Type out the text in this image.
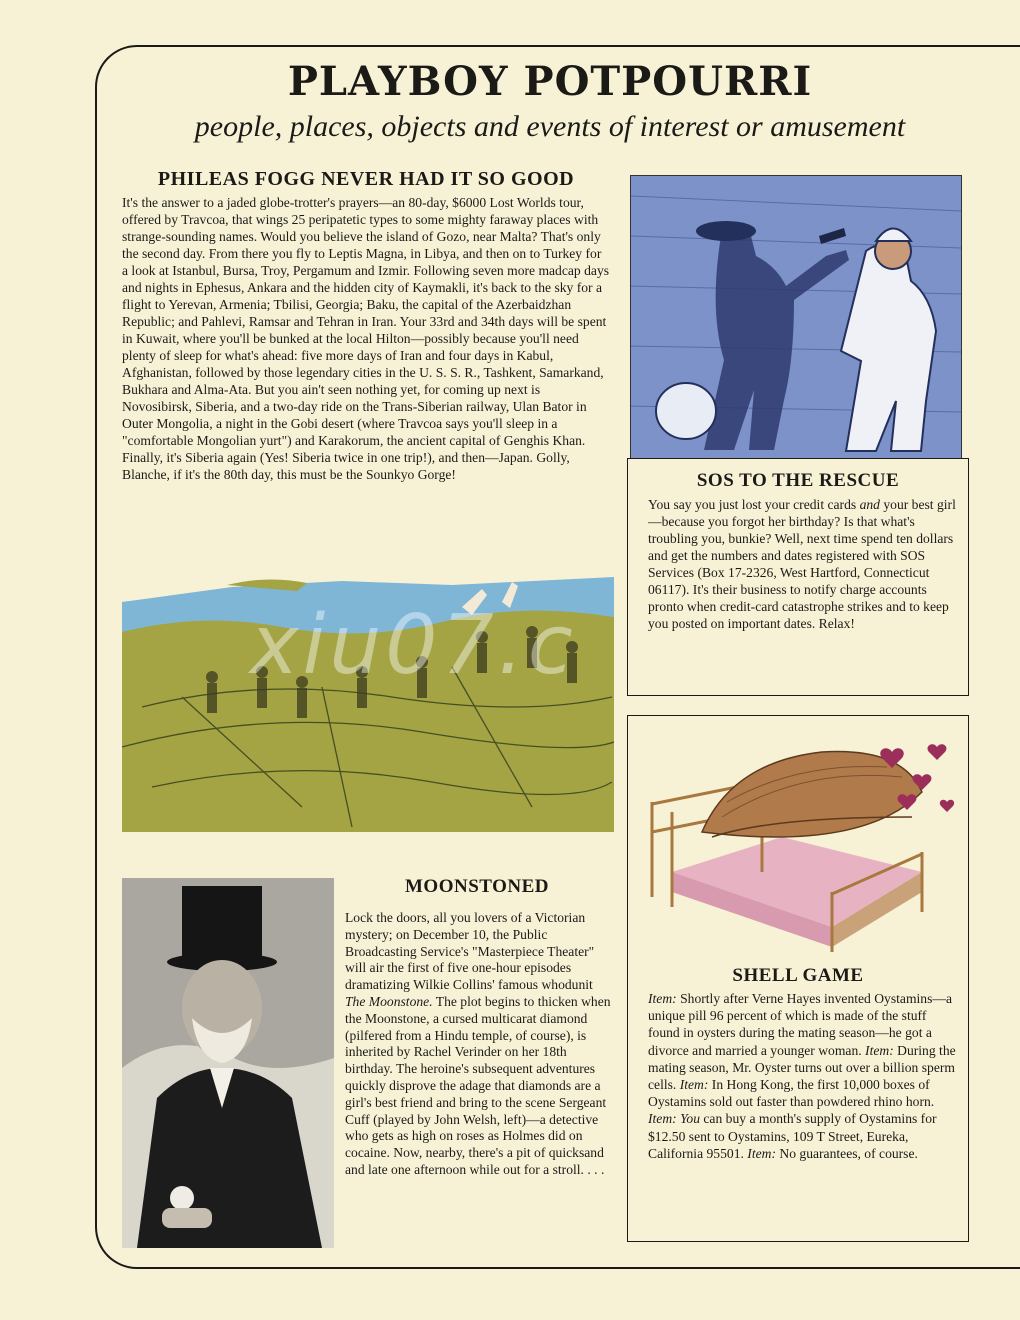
PLAYBOY POTPOURRI
people, places, objects and events of interest or amusement
PHILEAS FOGG NEVER HAD IT SO GOOD
It's the answer to a jaded globe-trotter's prayers—an 80-day, $6000 Lost Worlds tour, offered by Travcoa, that wings 25 peripatetic types to some mighty faraway places with strange-sounding names. Would you believe the island of Gozo, near Malta? That's only the second day. From there you fly to Leptis Magna, in Libya, and then on to Turkey for a look at Istanbul, Bursa, Troy, Pergamum and Izmir. Following seven more madcap days and nights in Ephesus, Ankara and the hidden city of Kaymakli, it's back to the sky for a flight to Yerevan, Armenia; Tbilisi, Georgia; Baku, the capital of the Azerbaidzhan Republic; and Pahlevi, Ramsar and Tehran in Iran. Your 33rd and 34th days will be spent in Kuwait, where you'll be bunked at the local Hilton—possibly because you'll need plenty of sleep for what's ahead: five more days of Iran and four days in Kabul, Afghanistan, followed by those legendary cities in the U. S. S. R., Tashkent, Samarkand, Bukhara and Alma-Ata. But you ain't seen nothing yet, for coming up next is Novosibirsk, Siberia, and a two-day ride on the Trans-Siberian railway, Ulan Bator in Outer Mongolia, a night in the Gobi desert (where Travcoa says you'll sleep in a "comfortable Mongolian yurt") and Karakorum, the ancient capital of Genghis Khan. Finally, it's Siberia again (Yes! Siberia twice in one trip!), and then—Japan. Golly, Blanche, if it's the 80th day, this must be the Sounkyo Gorge!	SOS TO THE RESCUE
You say you just lost your credit cards and your best girl—because you forgot her birthday? Is that what's troubling you, bunkie? Well, next time spend ten dollars and get the numbers and dates registered with SOS Services (Box 17-2326, West Hartford, Connecticut 06117). It's their business to notify charge accounts pronto when credit-card catastrophe strikes and to keep you posted on important dates. Relax!
xiu07.c
SHELL GAME
Item: Shortly after Verne Hayes invented Oystamins—a unique pill 96 percent of which is made of the stuff found in oysters during the mating season—he got a divorce and married a younger woman. Item: During the mating season, Mr. Oyster turns out over a billion sperm cells. Item: In Hong Kong, the first 10,000 boxes of Oystamins sold out faster than powdered rhino horn. Item: You can buy a month's supply of Oystamins for $12.50 sent to Oystamins, 109 T Street, Eureka, California 95501. Item: No guarantees, of course.
MOONSTONED
Lock the doors, all you lovers of a Victorian mystery; on December 10, the Public Broadcasting Service's "Masterpiece Theater" will air the first of five one-hour episodes dramatizing Wilkie Collins' famous whodunit The Moonstone. The plot begins to thicken when the Moonstone, a cursed multicarat diamond (pilfered from a Hindu temple, of course), is inherited by Rachel Verinder on her 18th birthday. The heroine's subsequent adventures quickly disprove the adage that diamonds are a girl's best friend and bring to the scene Sergeant Cuff (played by John Welsh, left)—a detective who gets as high on roses as Holmes did on cocaine. Now, nearby, there's a pit of quicksand and late one afternoon while out for a stroll. . . .
